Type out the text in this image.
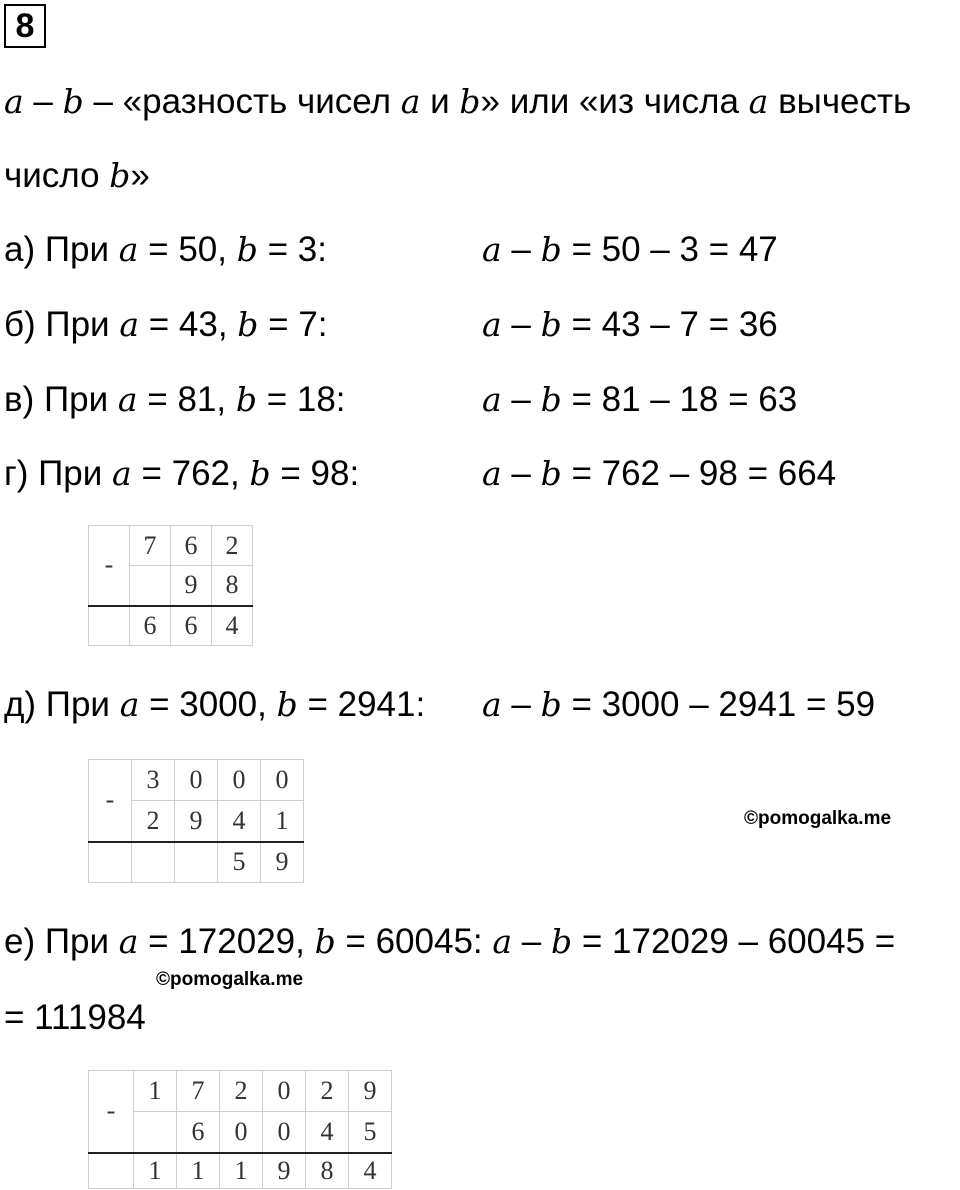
8
a – b – «разность чисел a и b» или «из числа a вычесть
число b»
а) При a = 50, b = 3:	a – b = 50 – 3 = 47
б) При a = 43, b = 7:	a – b = 43 – 7 = 36
в) При a = 81, b = 18:	a – b = 81 – 18 = 63
г) При a = 762, b = 98:	a – b = 762 – 98 = 664
-	7	6	2
		9	8
	6	6	4
д) При a = 3000, b = 2941: a – b = 3000 – 2941 = 59
-	3	0	0	0
	2	9	4	1
			5	9
©pomogalka.me
е) При a = 172029, b = 60045: a – b = 172029 – 60045 =
©pomogalka.me
= 111984
-	1	7	2	0	2	9
		6	0	0	4	5
	1	1	1	9	8	4
